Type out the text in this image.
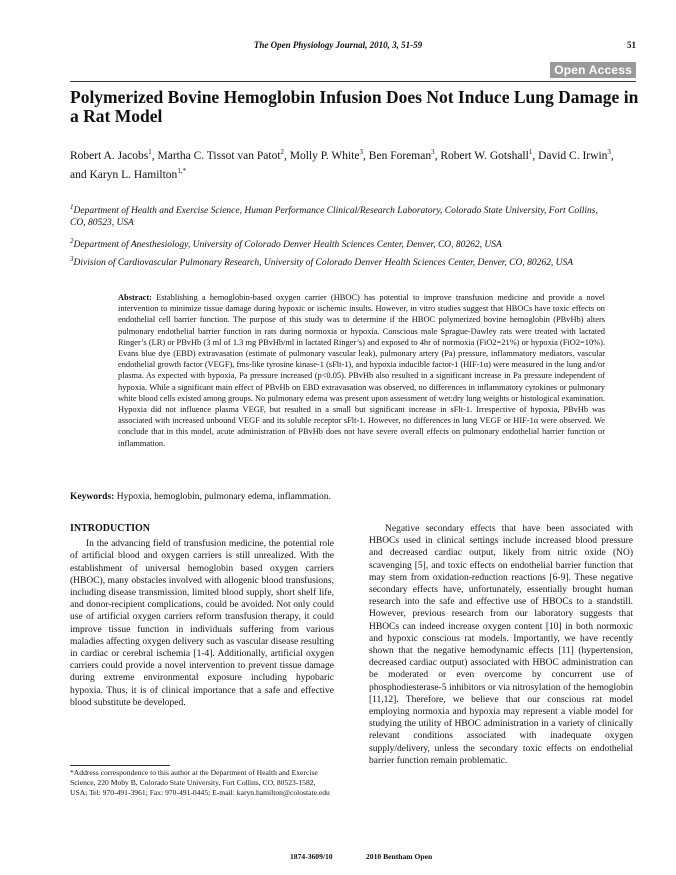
The Open Physiology Journal, 2010, 3, 51-59	51
Open Access
Polymerized Bovine Hemoglobin Infusion Does Not Induce Lung Damage in a Rat Model
Robert A. Jacobs$^1$, Martha C. Tissot van Patot$^2$, Molly P. White$^3$, Ben Foreman$^3$, Robert W. Gotshall$^1$, David C. Irwin$^3$, and Karyn L. Hamilton$^{1,*}$
$^1$Department of Health and Exercise Science, Human Performance Clinical/Research Laboratory, Colorado State University, Fort Collins, CO, 80523, USA
$^2$Department of Anesthesiology, University of Colorado Denver Health Sciences Center, Denver, CO, 80262, USA
$^3$Division of Cardiovascular Pulmonary Research, University of Colorado Denver Health Sciences Center, Denver, CO, 80262, USA
Abstract: Establishing a hemoglobin-based oxygen carrier (HBOC) has potential to improve transfusion medicine and provide a novel intervention to minimize tissue damage during hypoxic or ischemic insults. However, in vitro studies suggest that HBOCs have toxic effects on endothelial cell barrier function. The purpose of this study was to determine if the HBOC polymerized bovine hemoglobin (PBvHb) alters pulmonary endothelial barrier function in rats during normoxia or hypoxia. Conscious male Sprague-Dawley rats were treated with lactated Ringer’s (LR) or PBvHb (3 ml of 1.3 mg PBvHb/ml in lactated Ringer’s) and exposed to 4hr of normoxia (FiO2=21%) or hypoxia (FiO2=10%). Evans blue dye (EBD) extravasation (estimate of pulmonary vascular leak), pulmonary artery (Pa) pressure, inflammatory mediators, vascular endothelial growth factor (VEGF), fms-like tyrosine kinase-1 (sFlt-1), and hypoxia inducible factor-1 (HIF-1α) were measured in the lung and/or plasma. As expected with hypoxia, Pa pressure increased (p<0.05). PBvHb also resulted in a significant increase in Pa pressure independent of hypoxia. While a significant main effect of PBvHb on EBD extravasation was observed, no differences in inflammatory cytokines or pulmonary white blood cells existed among groups. No pulmonary edema was present upon assessment of wet:dry lung weights or histological examination. Hypoxia did not influence plasma VEGF, but resulted in a small but significant increase in sFlt-1. Irrespective of hypoxia, PBvHb was associated with increased unbound VEGF and its soluble receptor sFlt-1. However, no differences in lung VEGF or HIF-1α were observed. We conclude that in this model, acute administration of PBvHb does not have severe overall effects on pulmonary endothelial barrier function or inflammation.
Keywords: Hypoxia, hemoglobin, pulmonary edema, inflammation.
INTRODUCTION

In the advancing field of transfusion medicine, the potential role of artificial blood and oxygen carriers is still unrealized. With the establishment of universal hemoglobin based oxygen carriers (HBOC), many obstacles involved with allogenic blood transfusions, including disease transmission, limited blood supply, short shelf life, and donor-recipient complications, could be avoided. Not only could use of artificial oxygen carriers reform transfusion therapy, it could improve tissue function in individuals suffering from various maladies affecting oxygen delivery such as vascular disease resulting in cardiac or cerebral ischemia [1-4]. Additionally, artificial oxygen carriers could provide a novel intervention to prevent tissue damage during extreme environmental exposure including hypobaric hypoxia. Thus, it is of clinical importance that a safe and effective blood substitute be developed.

Negative secondary effects that have been associated with HBOCs used in clinical settings include increased blood pressure and decreased cardiac output, likely from nitric oxide (NO) scavenging [5], and toxic effects on endothelial barrier function that may stem from oxidation-reduction reactions [6-9]. These negative secondary effects have, unfortunately, essentially brought human research into the safe and effective use of HBOCs to a standstill. However, previous research from our laboratory suggests that HBOCs can indeed increase oxygen content [10] in both normoxic and hypoxic conscious rat models. Importantly, we have recently shown that the negative hemodynamic effects [11] (hypertension, decreased cardiac output) associated with HBOC administration can be moderated or even overcome by concurrent use of phosphodiesterase-5 inhibitors or via nitrosylation of the hemoglobin [11,12]. Therefore, we believe that our conscious rat model employing normoxia and hypoxia may represent a viable model for studying the utility of HBOC administration in a variety of clinically relevant conditions associated with inadequate oxygen supply/delivery, unless the secondary toxic effects on endothelial barrier function remain problematic.

*Address correspondence to this author at the Department of Health and Exercise Science, 220 Moby B, Colorado State University, Fort Collins, CO, 80523-1582, USA; Tel: 970-491-3961; Fax: 970-491-0445; E-mail: karyn.hamilton@colostate.edu
1874-3609/10	2010 Bentham Open
